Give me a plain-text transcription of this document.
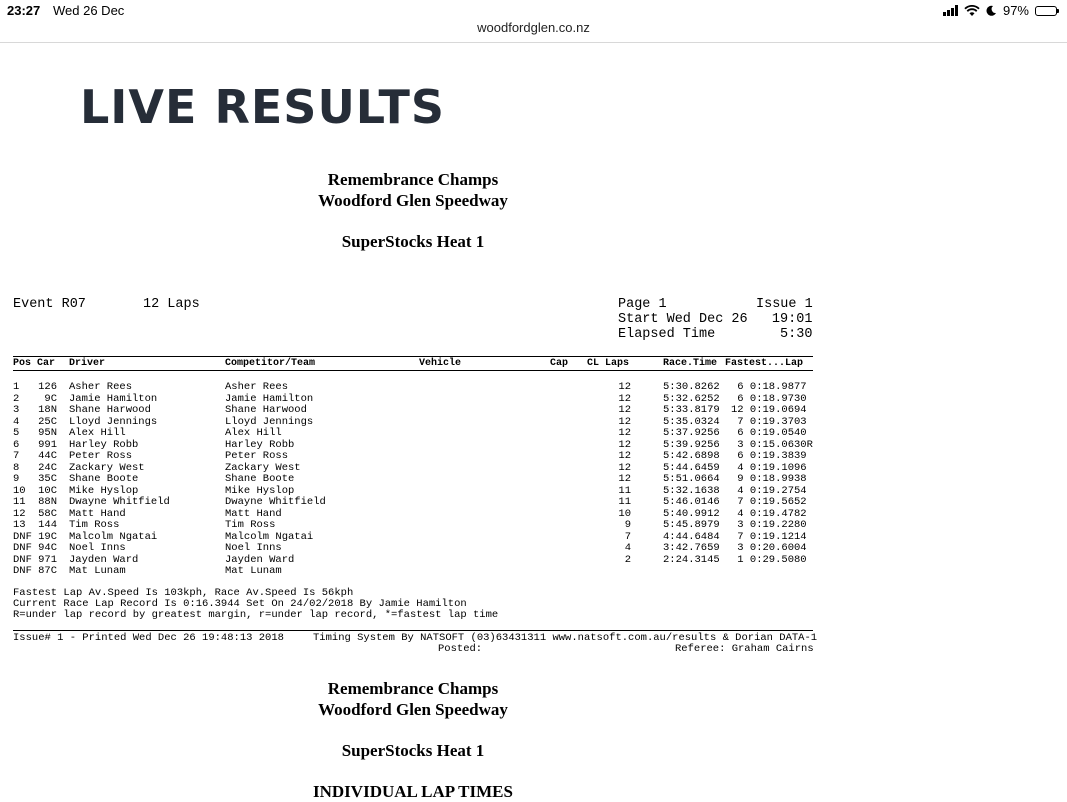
23:27 Wed 26 Dec	97%
woodfordglen.co.nz
LIVE RESULTS
Remembrance Champs
Woodford Glen Speedway
SuperStocks Heat 1
Event R07	12 Laps	Page 1	Issue 1
Start Wed Dec 26   19:01
Elapsed Time        5:30
Pos Car Driver	Competitor/Team	Vehicle	Cap CL Laps	Race.Time Fastest...Lap
1 126 Asher Rees	Asher Rees	12	5:30.8262 6 0:18.9877
2 9C Jamie Hamilton	Jamie Hamilton	12	5:32.6252 6 0:18.9730
3 18N Shane Harwood	Shane Harwood	12	5:33.8179 12 0:19.0694
4 25C Lloyd Jennings	Lloyd Jennings	12	5:35.0324 7 0:19.3703
5 95N Alex Hill	Alex Hill	12	5:37.9256 6 0:19.0540
6 991 Harley Robb	Harley Robb	12	5:39.9256 3 0:15.0630R
7 44C Peter Ross	Peter Ross	12	5:42.6898 6 0:19.3839
8 24C Zackary West	Zackary West	12	5:44.6459 4 0:19.1096
9 35C Shane Boote	Shane Boote	12	5:51.0664 9 0:18.9938
10 10C Mike Hyslop	Mike Hyslop	11	5:32.1638 4 0:19.2754
11 88N Dwayne Whitfield	Dwayne Whitfield	11	5:46.0146 7 0:19.5652
12 58C Matt Hand	Matt Hand	10	5:40.9912 4 0:19.4782
13 144 Tim Ross	Tim Ross	9	5:45.8979 3 0:19.2280
DNF 19C Malcolm Ngatai	Malcolm Ngatai	7	4:44.6484 7 0:19.1214
DNF 94C Noel Inns	Noel Inns	4	3:42.7659 3 0:20.6004
DNF 971 Jayden Ward	Jayden Ward	2	2:24.3145 1 0:29.5080
DNF 87C Mat Lunam	Mat Lunam
Fastest Lap Av.Speed Is 103kph, Race Av.Speed Is 56kph
Current Race Lap Record Is 0:16.3944 Set On 24/02/2018 By Jamie Hamilton
R=under lap record by greatest margin, r=under lap record, *=fastest lap time
Issue# 1 - Printed Wed Dec 26 19:48:13 2018	Timing System By NATSOFT (03)63431311 www.natsoft.com.au/results & Dorian DATA-1
Posted:	Referee: Graham Cairns
Remembrance Champs
Woodford Glen Speedway
SuperStocks Heat 1
INDIVIDUAL LAP TIMES
